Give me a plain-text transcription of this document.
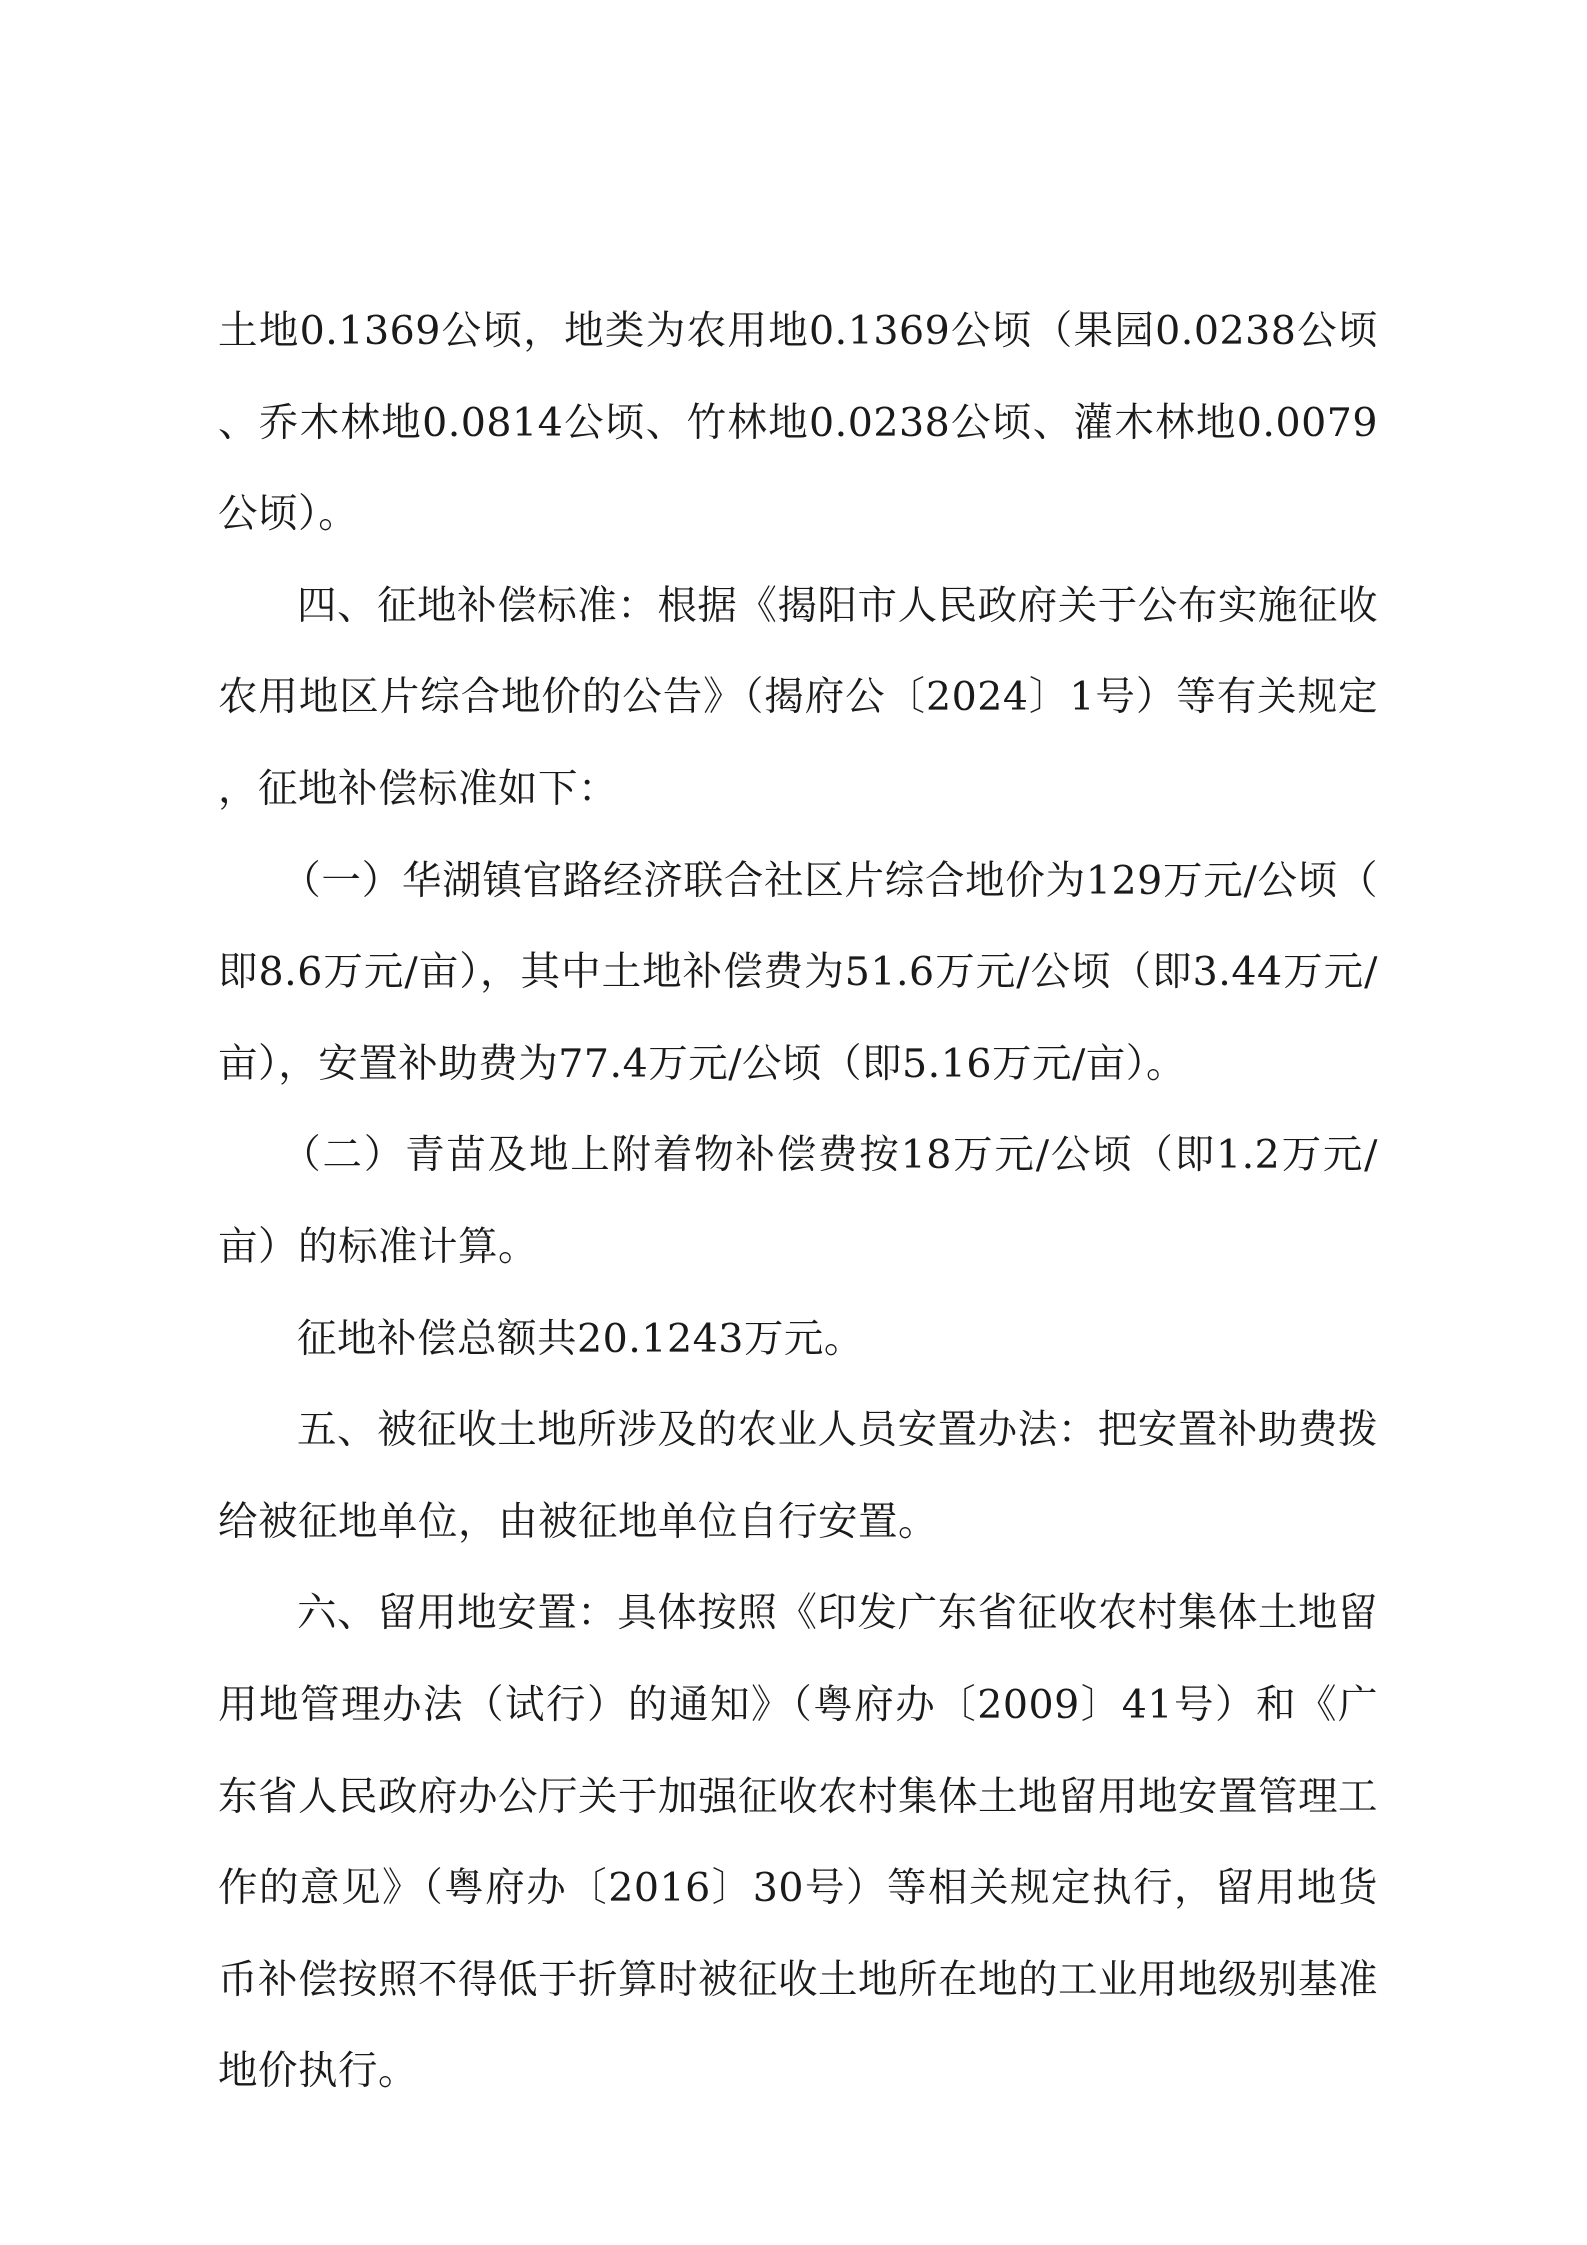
土地0.1369公顷，地类为农用地0.1369公顷（果园0.0238公顷、乔木林地0.0814公顷、竹林地0.0238公顷、灌木林地0.0079公顷）。

四、征地补偿标准：根据《揭阳市人民政府关于公布实施征收农用地区片综合地价的公告》（揭府公〔2024〕1号）等有关规定，征地补偿标准如下：

（一）华湖镇官路经济联合社区片综合地价为129万元/公顷（即8.6万元/亩），其中土地补偿费为51.6万元/公顷（即3.44万元/亩），安置补助费为77.4万元/公顷（即5.16万元/亩）。

（二）青苗及地上附着物补偿费按18万元/公顷（即1.2万元/亩）的标准计算。

征地补偿总额共20.1243万元。

五、被征收土地所涉及的农业人员安置办法：把安置补助费拨给被征地单位，由被征地单位自行安置。

六、留用地安置：具体按照《印发广东省征收农村集体土地留用地管理办法（试行）的通知》（粤府办〔2009〕41号）和《广东省人民政府办公厅关于加强征收农村集体土地留用地安置管理工作的意见》（粤府办〔2016〕30号）等相关规定执行，留用地货币补偿按照不得低于折算时被征收土地所在地的工业用地级别基准地价执行。
